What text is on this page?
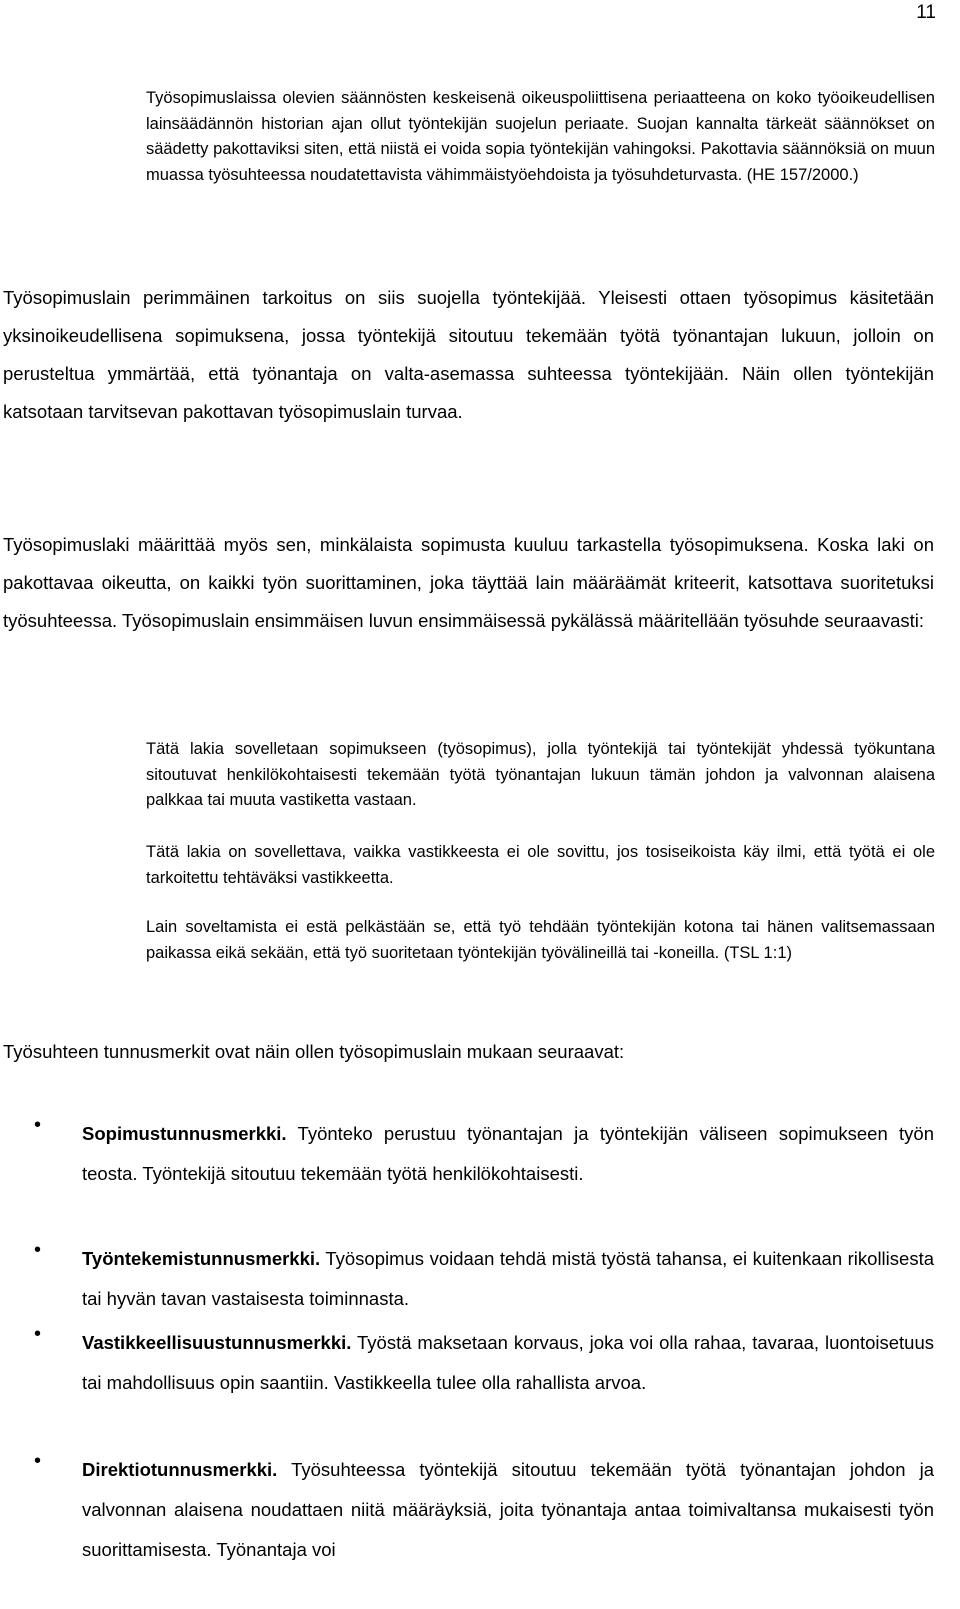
11

Työsopimuslaissa olevien säännösten keskeisenä oikeuspoliittisena periaatteena on koko työoikeudellisen lainsäädännön historian ajan ollut työntekijän suojelun periaate. Suojan kannalta tärkeät säännökset on säädetty pakottaviksi siten, että niistä ei voida sopia työntekijän vahingoksi. Pakottavia säännöksiä on muun muassa työsuhteessa noudatettavista vähimmäistyöehdoista ja työsuhdeturvasta. (HE 157/2000.)

Työsopimuslain perimmäinen tarkoitus on siis suojella työntekijää. Yleisesti ottaen työsopimus käsitetään yksinoikeudellisena sopimuksena, jossa työntekijä sitoutuu tekemään työtä työnantajan lukuun, jolloin on perusteltua ymmärtää, että työnantaja on valta-asemassa suhteessa työntekijään. Näin ollen työntekijän katsotaan tarvitsevan pakottavan työsopimuslain turvaa.

Työsopimuslaki määrittää myös sen, minkälaista sopimusta kuuluu tarkastella työsopimuksena. Koska laki on pakottavaa oikeutta, on kaikki työn suorittaminen, joka täyttää lain määräämät kriteerit, katsottava suoritetuksi työsuhteessa. Työsopimuslain ensimmäisen luvun ensimmäisessä pykälässä määritellään työsuhde seuraavasti:

Tätä lakia sovelletaan sopimukseen (työsopimus), jolla työntekijä tai työntekijät yhdessä työkuntana sitoutuvat henkilökohtaisesti tekemään työtä työnantajan lukuun tämän johdon ja valvonnan alaisena palkkaa tai muuta vastiketta vastaan.

Tätä lakia on sovellettava, vaikka vastikkeesta ei ole sovittu, jos tosiseikoista käy ilmi, että työtä ei ole tarkoitettu tehtäväksi vastikkeetta.

Lain soveltamista ei estä pelkästään se, että työ tehdään työntekijän kotona tai hänen valitsemassaan paikassa eikä sekään, että työ suoritetaan työntekijän työvälineillä tai -koneilla. (TSL 1:1)

Työsuhteen tunnusmerkit ovat näin ollen työsopimuslain mukaan seuraavat:

• Sopimustunnusmerkki. Työnteko perustuu työnantajan ja työntekijän väliseen sopimukseen työn teosta. Työntekijä sitoutuu tekemään työtä henkilökohtaisesti.

• Työntekemistunnusmerkki. Työsopimus voidaan tehdä mistä työstä tahansa, ei kuitenkaan rikollisesta tai hyvän tavan vastaisesta toiminnasta.

• Vastikkeellisuustunnusmerkki. Työstä maksetaan korvaus, joka voi olla rahaa, tavaraa, luontoisetuus tai mahdollisuus opin saantiin. Vastikkeella tulee olla rahallista arvoa.

• Direktiotunnusmerkki. Työsuhteessa työntekijä sitoutuu tekemään työtä työnantajan johdon ja valvonnan alaisena noudattaen niitä määräyksiä, joita työnantaja antaa toimivaltansa mukaisesti työn suorittamisesta. Työnantaja voi
